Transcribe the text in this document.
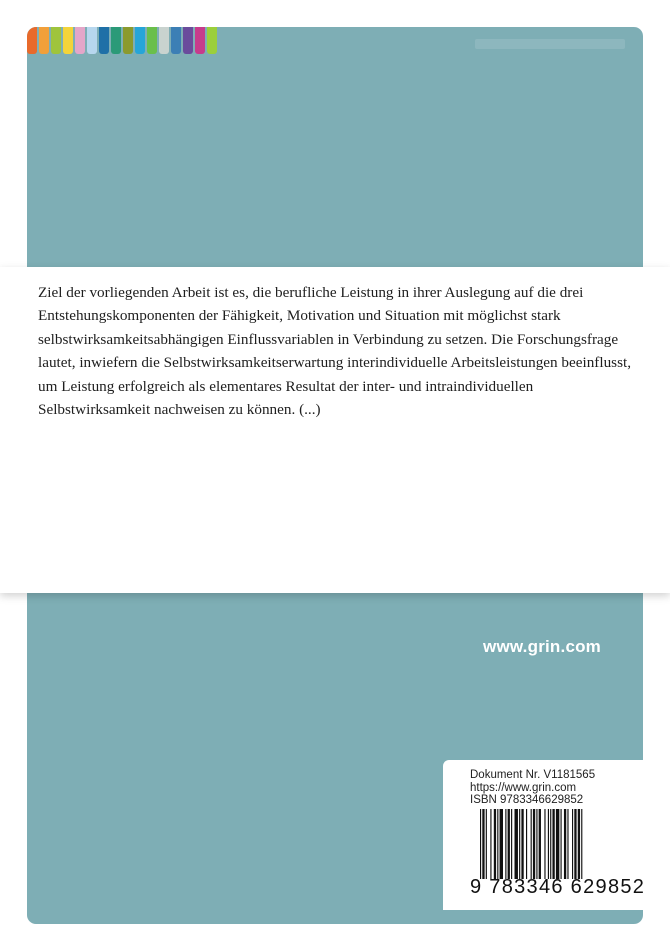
www.grin.com

Ziel der vorliegenden Arbeit ist es, die berufliche Leistung in ihrer Auslegung auf die drei Entstehungskomponenten der Fähigkeit, Motivation und Situation mit möglichst stark selbstwirksamkeitsabhängigen Einflussvariablen in Verbindung zu setzen. Die Forschungsfrage lautet, inwiefern die Selbstwirksamkeitserwartung interindividuelle Arbeitsleistungen beeinflusst, um Leistung erfolgreich als elementares Resultat der inter- und intraindividuellen Selbstwirksamkeit nachweisen zu können. (...)

Dokument Nr. V1181565
https://www.grin.com
ISBN 9783346629852
9 783346 629852
